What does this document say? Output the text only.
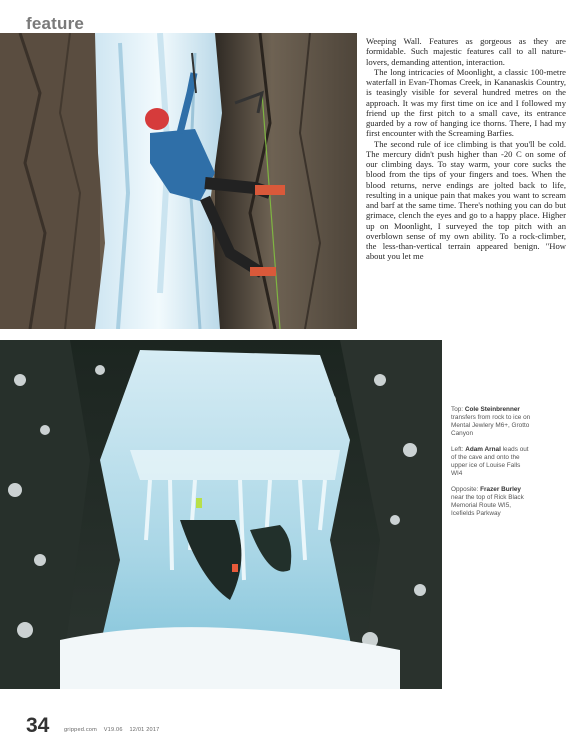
feature

Weeping Wall. Features as gorgeous as they are formidable. Such majestic features call to all nature-lovers, demanding attention, interaction.

The long intricacies of Moonlight, a classic 100-metre waterfall in Evan-Thomas Creek, in Kananaskis Country, is teasingly visible for several hundred metres on the approach. It was my first time on ice and I followed my friend up the first pitch to a small cave, its entrance guarded by a row of hanging ice thorns. There, I had my first encounter with the Screaming Barfies.

The second rule of ice climbing is that you'll be cold. The mercury didn't push higher than -20 C on some of our climbing days. To stay warm, your core sucks the blood from the tips of your fingers and toes. When the blood returns, nerve endings are jolted back to life, resulting in a unique pain that makes you want to scream and barf at the same time. There's nothing you can do but grimace, clench the eyes and go to a happy place. Higher up on Moonlight, I surveyed the top pitch with an overblown sense of my own ability. To a rock-climber, the less-than-vertical terrain appeared benign. "How about you let me

Top: Cole Steinbrenner transfers from rock to ice on Mental Jewlery M6+, Grotto Canyon

Left: Adam Arnal leads out of the cave and onto the upper ice of Louise Falls WI4

Opposite: Frazer Burley near the top of Rick Black Memorial Route WI5, Icefields Parkway

34	gripped.com V19.06 12/01 2017
